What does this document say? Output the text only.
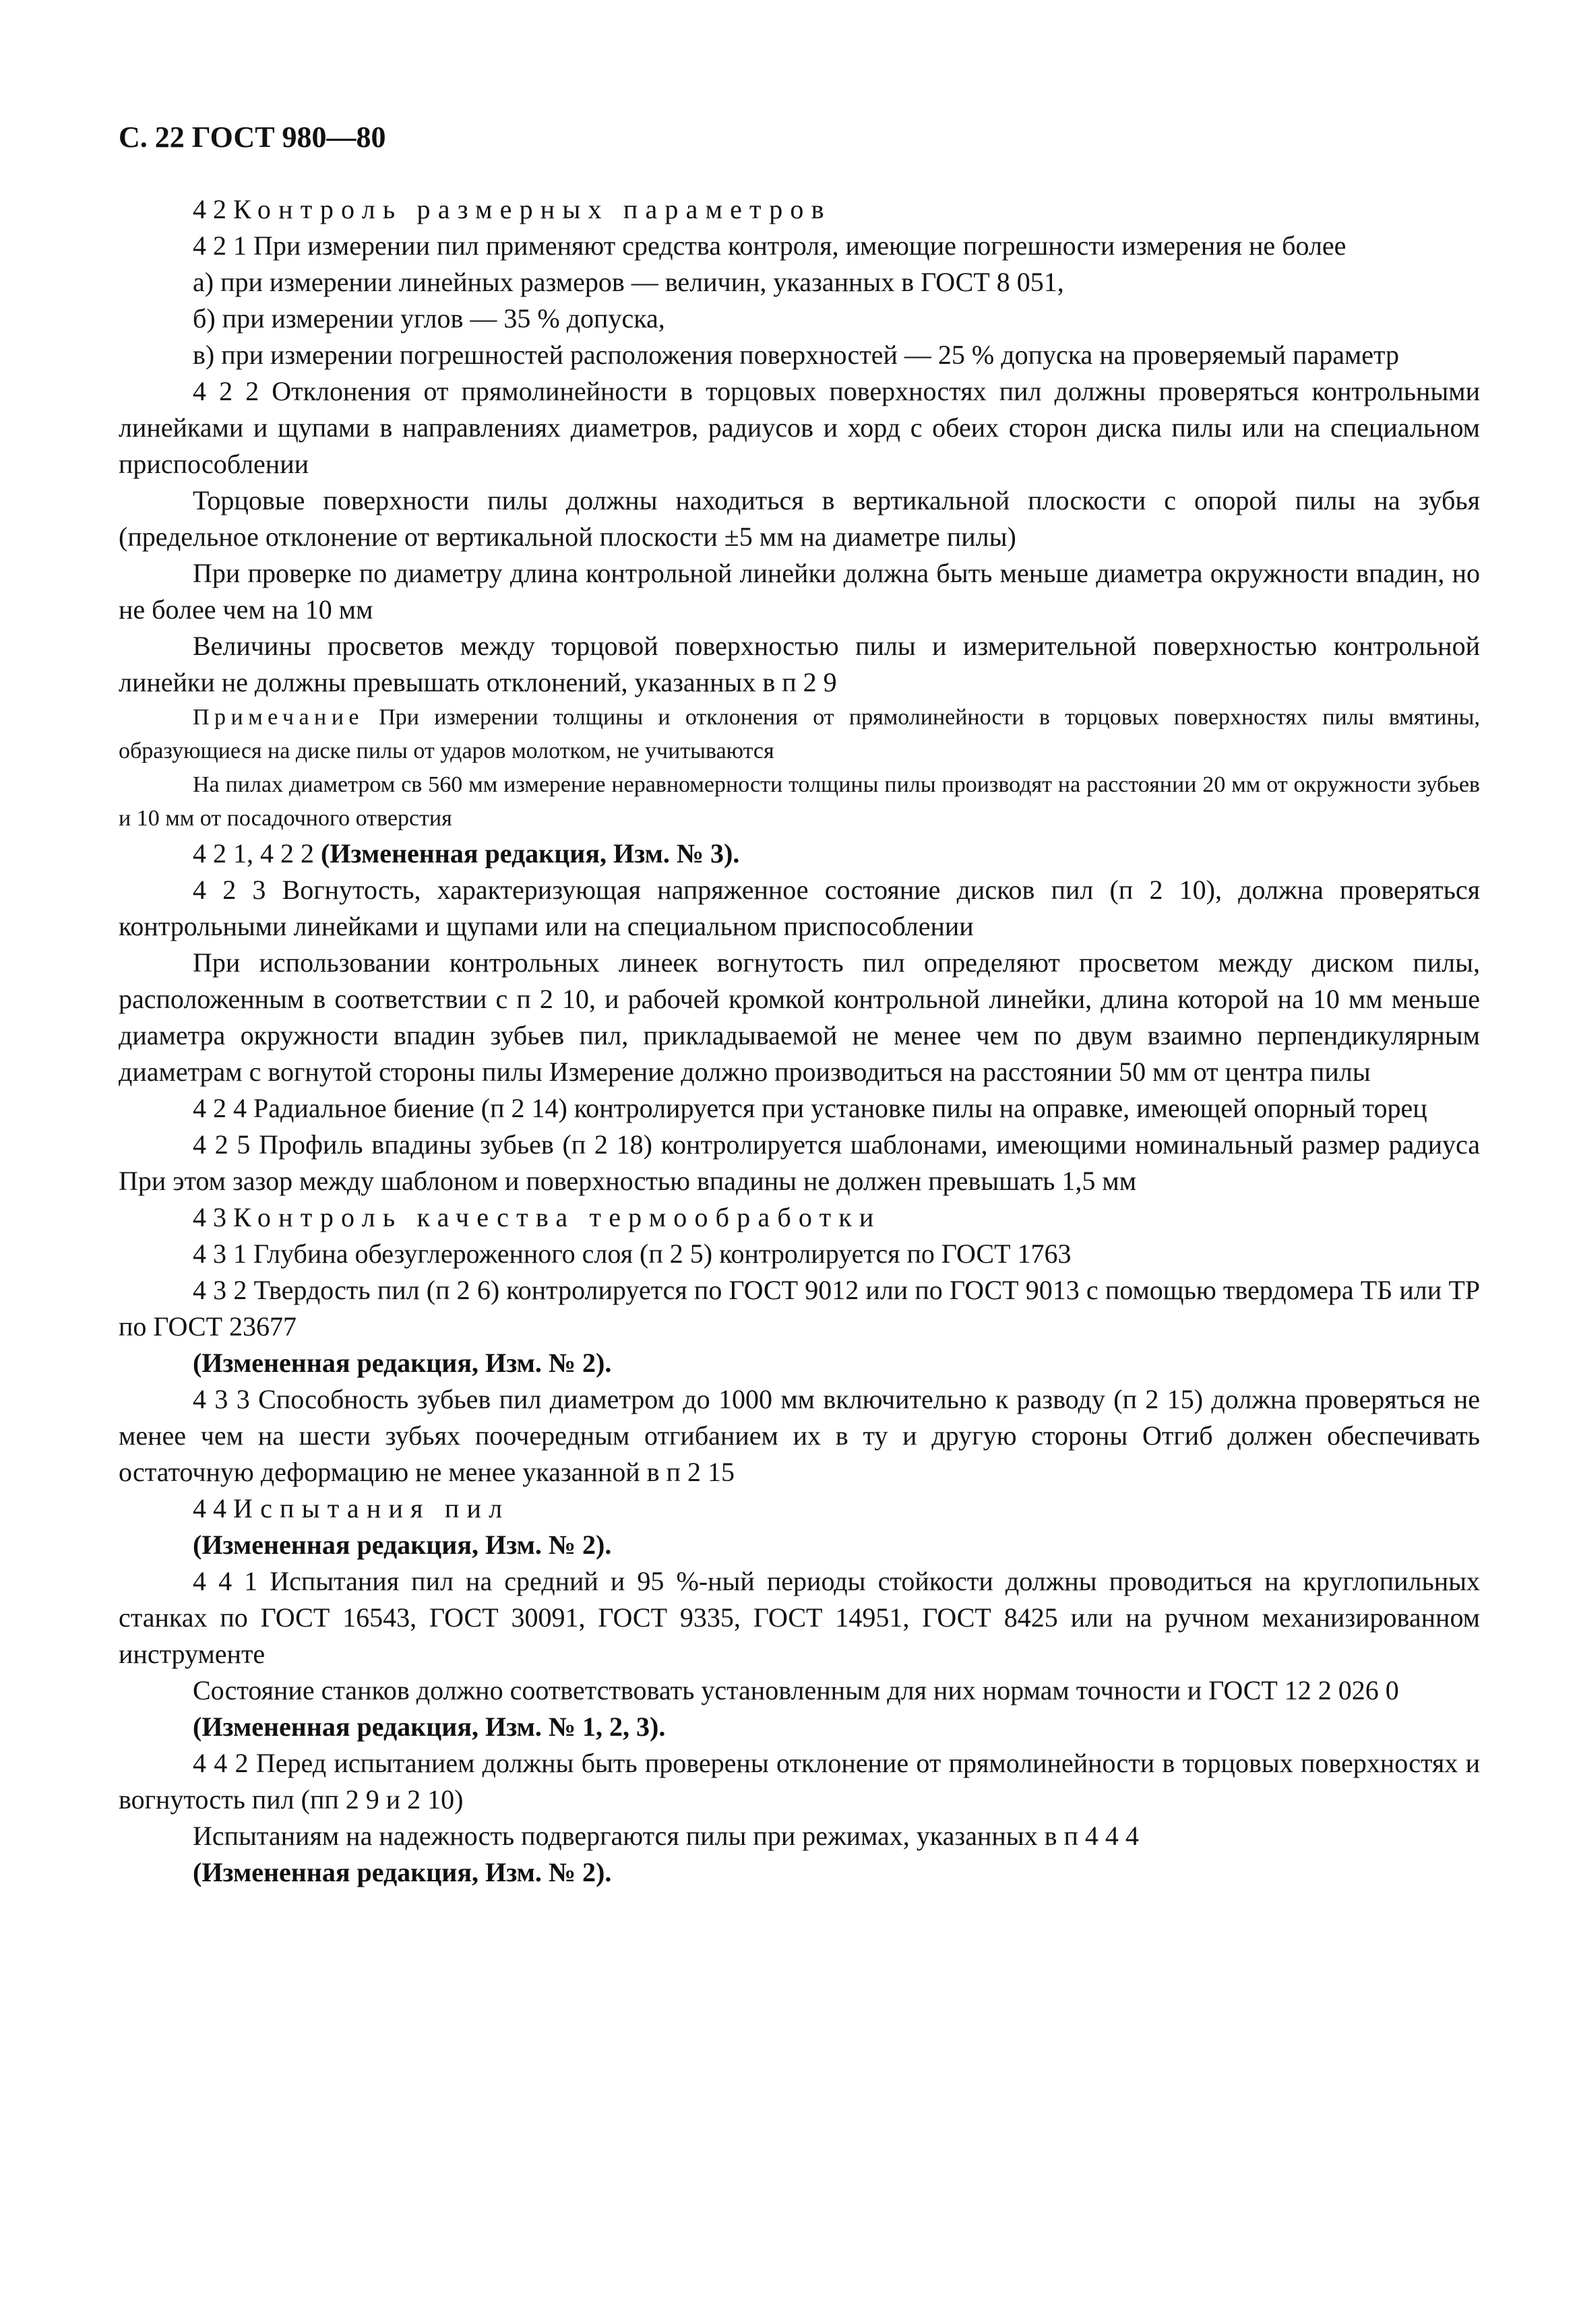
С. 22 ГОСТ 980—80

4 2 Контроль размерных параметров

4 2 1 При измерении пил применяют средства контроля, имеющие погрешности измерения не более

а) при измерении линейных размеров — величин, указанных в ГОСТ 8 051,

б) при измерении углов — 35 % допуска,

в) при измерении погрешностей расположения поверхностей — 25 % допуска на проверяемый параметр

4 2 2 Отклонения от прямолинейности в торцовых поверхностях пил должны проверяться контрольными линейками и щупами в направлениях диаметров, радиусов и хорд с обеих сторон диска пилы или на специальном приспособлении

Торцовые поверхности пилы должны находиться в вертикальной плоскости с опорой пилы на зубья (предельное отклонение от вертикальной плоскости ±5 мм на диаметре пилы)

При проверке по диаметру длина контрольной линейки должна быть меньше диаметра окружности впадин, но не более чем на 10 мм

Величины просветов между торцовой поверхностью пилы и измерительной поверхностью контрольной линейки не должны превышать отклонений, указанных в п 2 9

Примечание При измерении толщины и отклонения от прямолинейности в торцовых поверхностях пилы вмятины, образующиеся на диске пилы от ударов молотком, не учитываются

На пилах диаметром св 560 мм измерение неравномерности толщины пилы производят на расстоянии 20 мм от окружности зубьев и 10 мм от посадочного отверстия

4 2 1, 4 2 2 (Измененная редакция, Изм. № 3).

4 2 3 Вогнутость, характеризующая напряженное состояние дисков пил (п 2 10), должна проверяться контрольными линейками и щупами или на специальном приспособлении

При использовании контрольных линеек вогнутость пил определяют просветом между диском пилы, расположенным в соответствии с п 2 10, и рабочей кромкой контрольной линейки, длина которой на 10 мм меньше диаметра окружности впадин зубьев пил, прикладываемой не менее чем по двум взаимно перпендикулярным диаметрам с вогнутой стороны пилы Измерение должно производиться на расстоянии 50 мм от центра пилы

4 2 4 Радиальное биение (п 2 14) контролируется при установке пилы на оправке, имеющей опорный торец

4 2 5 Профиль впадины зубьев (п 2 18) контролируется шаблонами, имеющими номинальный размер радиуса При этом зазор между шаблоном и поверхностью впадины не должен превышать 1,5 мм

4 3 Контроль качества термообработки

4 3 1 Глубина обезуглероженного слоя (п 2 5) контролируется по ГОСТ 1763

4 3 2 Твердость пил (п 2 6) контролируется по ГОСТ 9012 или по ГОСТ 9013 с помощью твердомера ТБ или ТР по ГОСТ 23677

(Измененная редакция, Изм. № 2).

4 3 3 Способность зубьев пил диаметром до 1000 мм включительно к разводу (п 2 15) должна проверяться не менее чем на шести зубьях поочередным отгибанием их в ту и другую стороны Отгиб должен обеспечивать остаточную деформацию не менее указанной в п 2 15

4 4 Испытания пил

(Измененная редакция, Изм. № 2).

4 4 1 Испытания пил на средний и 95 %-ный периоды стойкости должны проводиться на круглопильных станках по ГОСТ 16543, ГОСТ 30091, ГОСТ 9335, ГОСТ 14951, ГОСТ 8425 или на ручном механизированном инструменте

Состояние станков должно соответствовать установленным для них нормам точности и ГОСТ 12 2 026 0

(Измененная редакция, Изм. № 1, 2, 3).

4 4 2 Перед испытанием должны быть проверены отклонение от прямолинейности в торцовых поверхностях и вогнутость пил (пп 2 9 и 2 10)

Испытаниям на надежность подвергаются пилы при режимах, указанных в п 4 4 4

(Измененная редакция, Изм. № 2).
